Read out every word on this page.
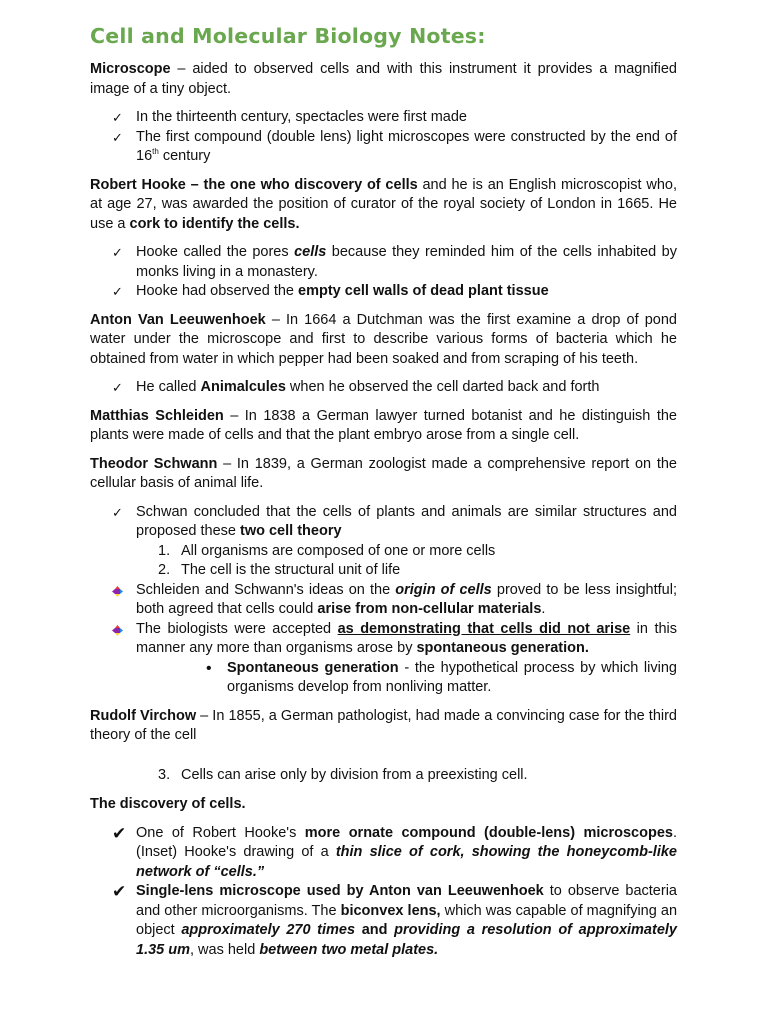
Cell and Molecular Biology Notes:

Microscope – aided to observed cells and with this instrument it provides a magnified image of a tiny object.

✓ In the thirteenth century, spectacles were first made
✓ The first compound (double lens) light microscopes were constructed by the end of 16th century

Robert Hooke – the one who discovery of cells and he is an English microscopist who, at age 27, was awarded the position of curator of the royal society of London in 1665. He use a cork to identify the cells.

✓ Hooke called the pores cells because they reminded him of the cells inhabited by monks living in a monastery.
✓ Hooke had observed the empty cell walls of dead plant tissue

Anton Van Leeuwenhoek – In 1664 a Dutchman was the first examine a drop of pond water under the microscope and first to describe various forms of bacteria which he obtained from water in which pepper had been soaked and from scraping of his teeth.

✓ He called Animalcules when he observed the cell darted back and forth

Matthias Schleiden – In 1838 a German lawyer turned botanist and he distinguish the plants were made of cells and that the plant embryo arose from a single cell.

Theodor Schwann – In 1839, a German zoologist made a comprehensive report on the cellular basis of animal life.

✓ Schwan concluded that the cells of plants and animals are similar structures and proposed these two cell theory
1. All organisms are composed of one or more cells
2. The cell is the structural unit of life
Schleiden and Schwann's ideas on the origin of cells proved to be less insightful; both agreed that cells could arise from non-cellular materials.
The biologists were accepted as demonstrating that cells did not arise in this manner any more than organisms arose by spontaneous generation.
•	Spontaneous generation - the hypothetical process by which living organisms develop from nonliving matter.

Rudolf Virchow – In 1855, a German pathologist, had made a convincing case for the third theory of the cell

3. Cells can arise only by division from a preexisting cell.

The discovery of cells.

✔ One of Robert Hooke's more ornate compound (double-lens) microscopes. (Inset) Hooke's drawing of a thin slice of cork, showing the honeycomb-like network of “cells.”
✔ Single-lens microscope used by Anton van Leeuwenhoek to observe bacteria and other microorganisms. The biconvex lens, which was capable of magnifying an object approximately 270 times and providing a resolution of approximately 1.35 um, was held between two metal plates.
